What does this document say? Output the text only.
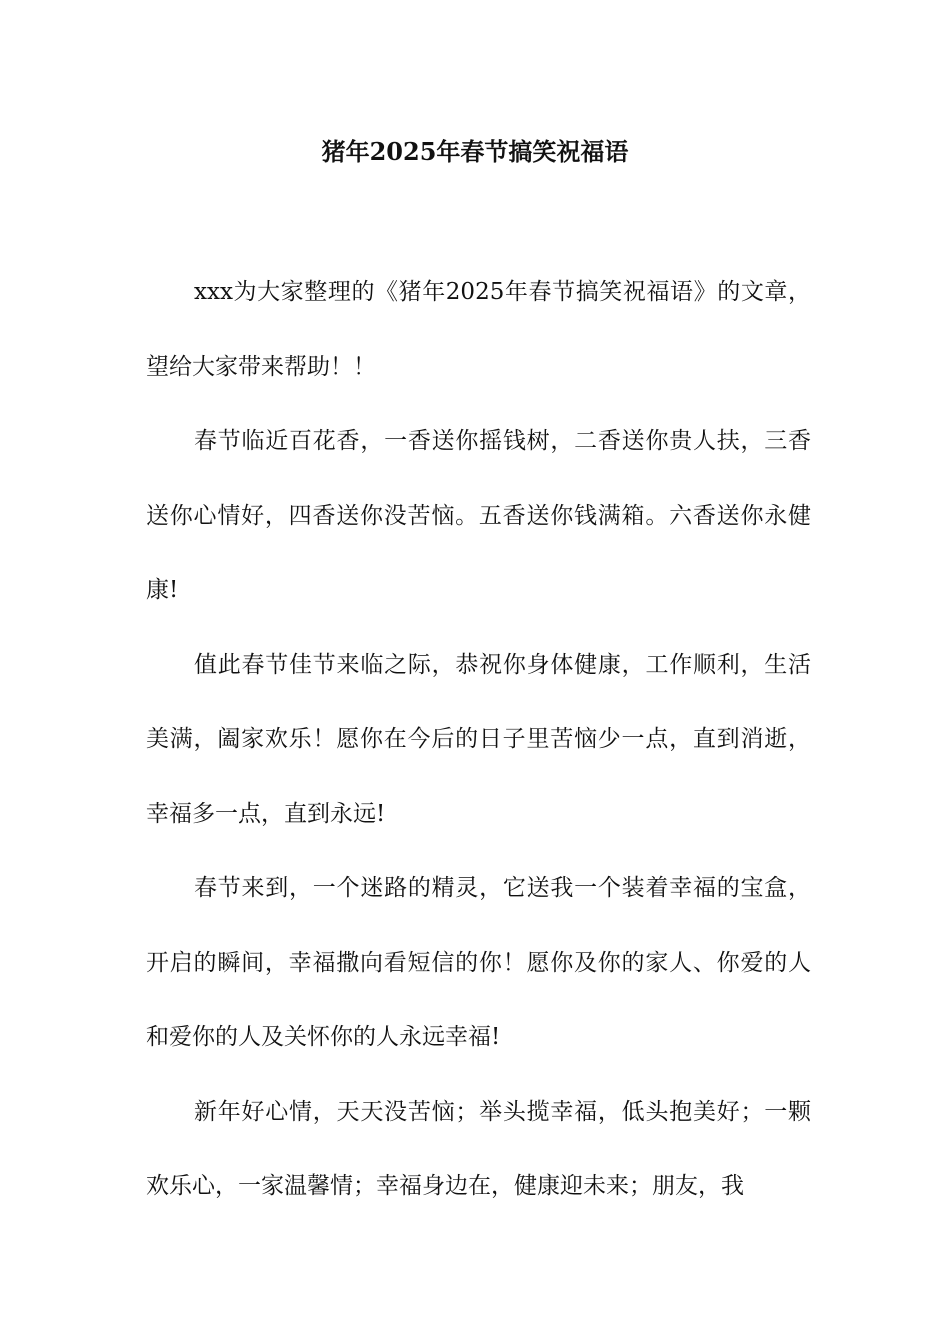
猪年2025年春节搞笑祝福语

xxx为大家整理的《猪年2025年春节搞笑祝福语》的文章，望给大家带来帮助！！

春节临近百花香，一香送你摇钱树，二香送你贵人扶，三香送你心情好，四香送你没苦恼。五香送你钱满箱。六香送你永健康!

值此春节佳节来临之际，恭祝你身体健康，工作顺利，生活美满，阖家欢乐！愿你在今后的日子里苦恼少一点，直到消逝，幸福多一点，直到永远!

春节来到，一个迷路的精灵，它送我一个装着幸福的宝盒，开启的瞬间，幸福撒向看短信的你！愿你及你的家人、你爱的人和爱你的人及关怀你的人永远幸福!

新年好心情，天天没苦恼；举头揽幸福，低头抱美好；一颗欢乐心，一家温馨情；幸福身边在，健康迎未来；朋友，我
